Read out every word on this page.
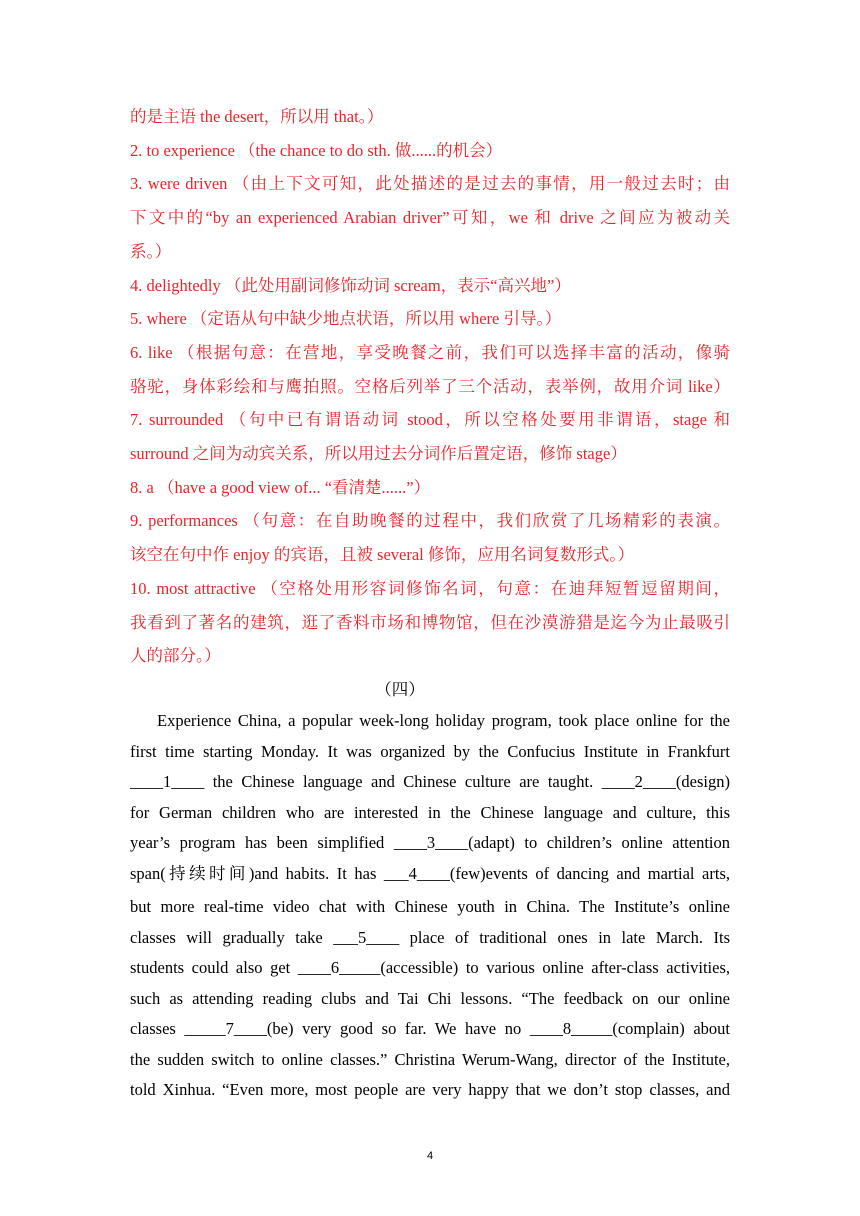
的是主语 the desert，所以用 that。）
2. to experience （the chance to do sth. 做......的机会）
3. were driven （由上下文可知，此处描述的是过去的事情，用一般过去时；由
下文中的“by an experienced Arabian driver”可知，we 和 drive 之间应为被动关
系。）
4. delightedly （此处用副词修饰动词 scream，表示“高兴地”）
5. where （定语从句中缺少地点状语，所以用 where 引导。）
6. like （根据句意：在营地，享受晚餐之前，我们可以选择丰富的活动，像骑
骆驼，身体彩绘和与鹰拍照。空格后列举了三个活动，表举例，故用介词 like）
7. surrounded （句中已有谓语动词 stood，所以空格处要用非谓语，stage 和
surround 之间为动宾关系，所以用过去分词作后置定语，修饰 stage）
8. a （have a good view of... “看清楚......”）
9. performances （句意：在自助晚餐的过程中，我们欣赏了几场精彩的表演。
该空在句中作 enjoy 的宾语，且被 several 修饰，应用名词复数形式。）
10. most attractive （空格处用形容词修饰名词，句意：在迪拜短暂逗留期间，
我看到了著名的建筑，逛了香料市场和博物馆，但在沙漠游猎是迄今为止最吸引
人的部分。）
（四）
Experience China, a popular week-long holiday program, took place online for the
first time starting Monday. It was organized by the Confucius Institute in Frankfurt
____1____ the Chinese language and Chinese culture are taught. ____2____(design)
for German children who are interested in the Chinese language and culture, this
year’s program has been simplified ____3____(adapt) to children’s online attention
span(持续时间)and habits. It has ___4____(few)events of dancing and martial arts,
but more real-time video chat with Chinese youth in China. The Institute’s online
classes will gradually take ___5____ place of traditional ones in late March. Its
students could also get ____6_____(accessible) to various online after-class activities,
such as attending reading clubs and Tai Chi lessons. “The feedback on our online
classes _____7____(be) very good so far. We have no ____8_____(complain) about
the sudden switch to online classes.” Christina Werum-Wang, director of the Institute,
told Xinhua. “Even more, most people are very happy that we don’t stop classes, and
4
